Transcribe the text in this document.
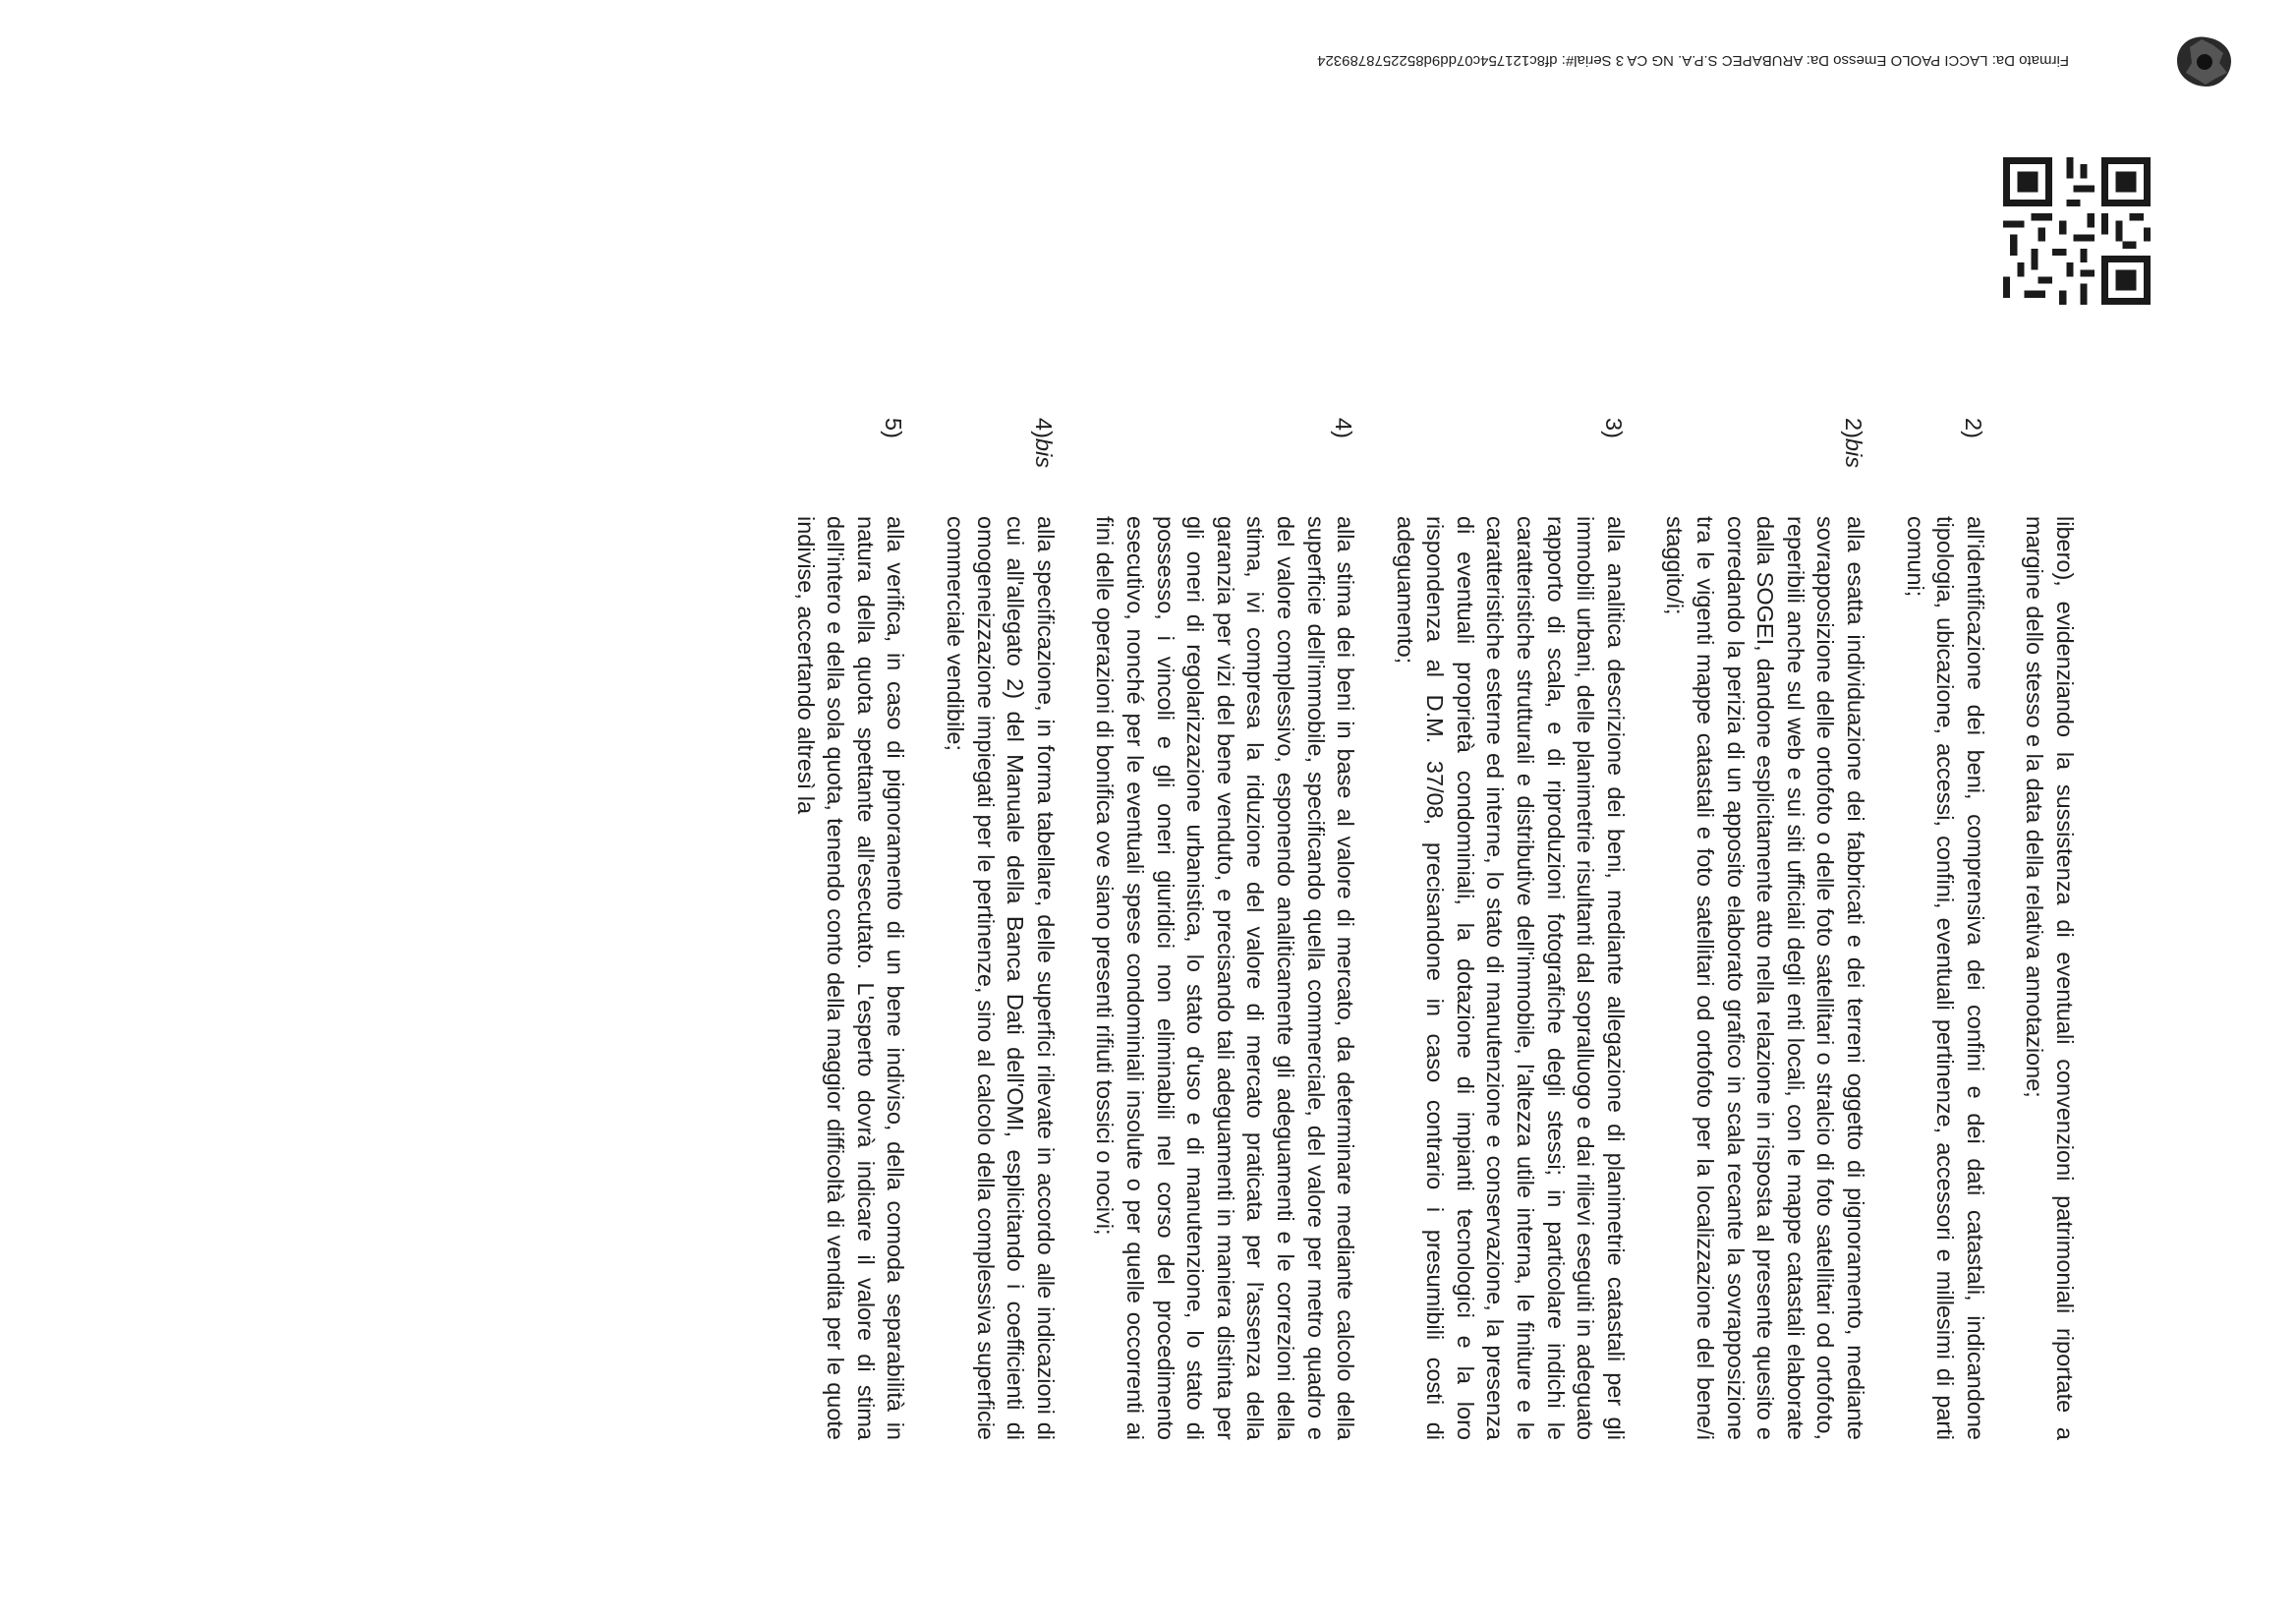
Firmato Da: LACCI PAOLO Emesso Da: ARUBAPEC S.P.A. NG CA 3 Serial#: df8c121754c07dd9d8522578789324
libero), evidenziando la sussistenza di eventuali convenzioni patrimoniali riportate a margine dello stesso e la data della relativa annotazione;
2)
all'identificazione dei beni, comprensiva dei confini e dei dati catastali, indicandone tipologia, ubicazione, accessi, confini, eventuali pertinenze, accessori e millesimi di parti comuni;
2)bis
alla esatta individuazione dei fabbricati e dei terreni oggetto di pignoramento, mediante sovrapposizione delle ortofoto o delle foto satellitari o stralcio di foto satellitari od ortofoto, reperibili anche sul web e sui siti ufficiali degli enti locali, con le mappe catastali elaborate dalla SOGEI, dandone esplicitamente atto nella relazione in risposta al presente quesito e corredando la perizia di un apposito elaborato grafico in scala recante la sovrapposizione tra le vigenti mappe catastali e foto satellitari od ortofoto per la localizzazione del bene/i staggito/i;
3)
alla analitica descrizione dei beni, mediante allegazione di planimetrie catastali per gli immobili urbani, delle planimetrie risultanti dal sopralluogo e dai rilievi eseguiti in adeguato rapporto di scala, e di riproduzioni fotografiche degli stessi; in particolare indichi le caratteristiche strutturali e distributive dell'immobile, l'altezza utile interna, le finiture e le caratteristiche esterne ed interne, lo stato di manutenzione e conservazione, la presenza di eventuali proprietà condominiali, la dotazione di impianti tecnologici e la loro rispondenza al D.M. 37/08, precisandone in caso contrario i presumibili costi di adeguamento;
4)
alla stima dei beni in base al valore di mercato, da determinare mediante calcolo della superficie dell'immobile, specificando quella commerciale, del valore per metro quadro e del valore complessivo, esponendo analiticamente gli adeguamenti e le correzioni della stima, ivi compresa la riduzione del valore di mercato praticata per l'assenza della garanzia per vizi del bene venduto, e precisando tali adeguamenti in maniera distinta per gli oneri di regolarizzazione urbanistica, lo stato d'uso e di manutenzione, lo stato di possesso, i vincoli e gli oneri giuridici non eliminabili nel corso del procedimento esecutivo, nonché per le eventuali spese condominiali insolute o per quelle occorrenti ai fini delle operazioni di bonifica ove siano presenti rifiuti tossici o nocivi;
4)bis
alla specificazione, in forma tabellare, delle superfici rilevate in accordo alle indicazioni di cui all'allegato 2) del Manuale della Banca Dati dell'OMI, esplicitando i coefficienti di omogeneizzazione impiegati per le pertinenze, sino al calcolo della complessiva superficie commerciale vendibile;
5)
alla verifica, in caso di pignoramento di un bene indiviso, della comoda separabilità in natura della quota spettante all'esecutato. L'esperto dovrà indicare il valore di stima dell'intero e della sola quota, tenendo conto della maggior difficoltà di vendita per le quote indivise, accertando altresì la
